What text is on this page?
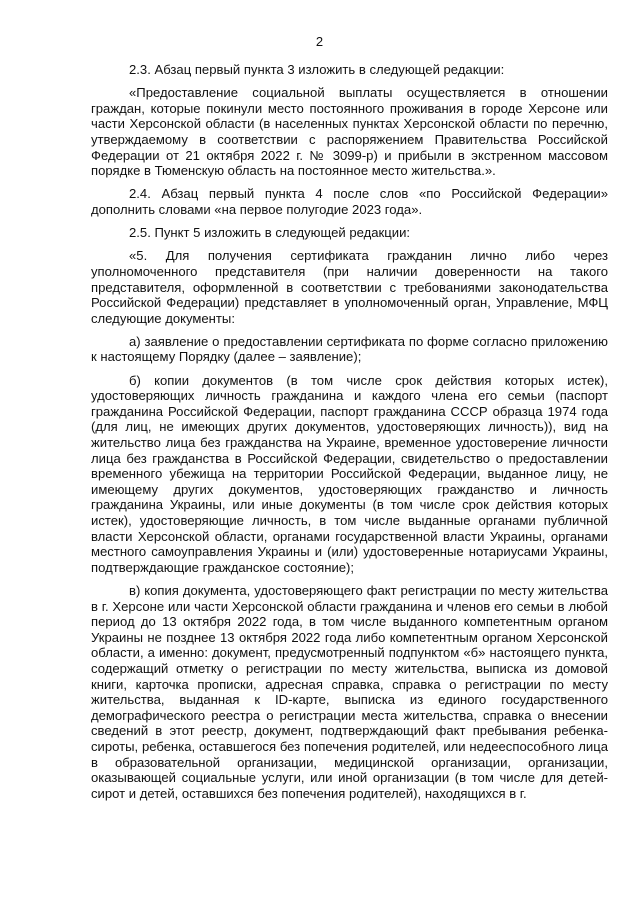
2

2.3. Абзац первый пункта 3 изложить в следующей редакции:

«Предоставление социальной выплаты осуществляется в отношении граждан, которые покинули место постоянного проживания в городе Херсоне или части Херсонской области (в населенных пунктах Херсонской области по перечню, утверждаемому в соответствии с распоряжением Правительства Российской Федерации от 21 октября 2022 г. № 3099-р) и прибыли в экстренном массовом порядке в Тюменскую область на постоянное место жительства.».

2.4. Абзац первый пункта 4 после слов «по Российской Федерации» дополнить словами «на первое полугодие 2023 года».

2.5. Пункт 5 изложить в следующей редакции:

«5. Для получения сертификата гражданин лично либо через уполномоченного представителя (при наличии доверенности на такого представителя, оформленной в соответствии с требованиями законодательства Российской Федерации) представляет в уполномоченный орган, Управление, МФЦ следующие документы:

а) заявление о предоставлении сертификата по форме согласно приложению к настоящему Порядку (далее – заявление);

б) копии документов (в том числе срок действия которых истек), удостоверяющих личность гражданина и каждого члена его семьи (паспорт гражданина Российской Федерации, паспорт гражданина СССР образца 1974 года (для лиц, не имеющих других документов, удостоверяющих личность)), вид на жительство лица без гражданства на Украине, временное удостоверение личности лица без гражданства в Российской Федерации, свидетельство о предоставлении временного убежища на территории Российской Федерации, выданное лицу, не имеющему других документов, удостоверяющих гражданство и личность гражданина Украины, или иные документы (в том числе срок действия которых истек), удостоверяющие личность, в том числе выданные органами публичной власти Херсонской области, органами государственной власти Украины, органами местного самоуправления Украины и (или) удостоверенные нотариусами Украины, подтверждающие гражданское состояние);

в) копия документа, удостоверяющего факт регистрации по месту жительства в г. Херсоне или части Херсонской области гражданина и членов его семьи в любой период до 13 октября 2022 года, в том числе выданного компетентным органом Украины не позднее 13 октября 2022 года либо компетентным органом Херсонской области, а именно: документ, предусмотренный подпунктом «б» настоящего пункта, содержащий отметку о регистрации по месту жительства, выписка из домовой книги, карточка прописки, адресная справка, справка о регистрации по месту жительства, выданная к ID-карте, выписка из единого государственного демографического реестра о регистрации места жительства, справка о внесении сведений в этот реестр, документ, подтверждающий факт пребывания ребенка-сироты, ребенка, оставшегося без попечения родителей, или недееспособного лица в образовательной организации, медицинской организации, организации, оказывающей социальные услуги, или иной организации (в том числе для детей-сирот и детей, оставшихся без попечения родителей), находящихся в г.
